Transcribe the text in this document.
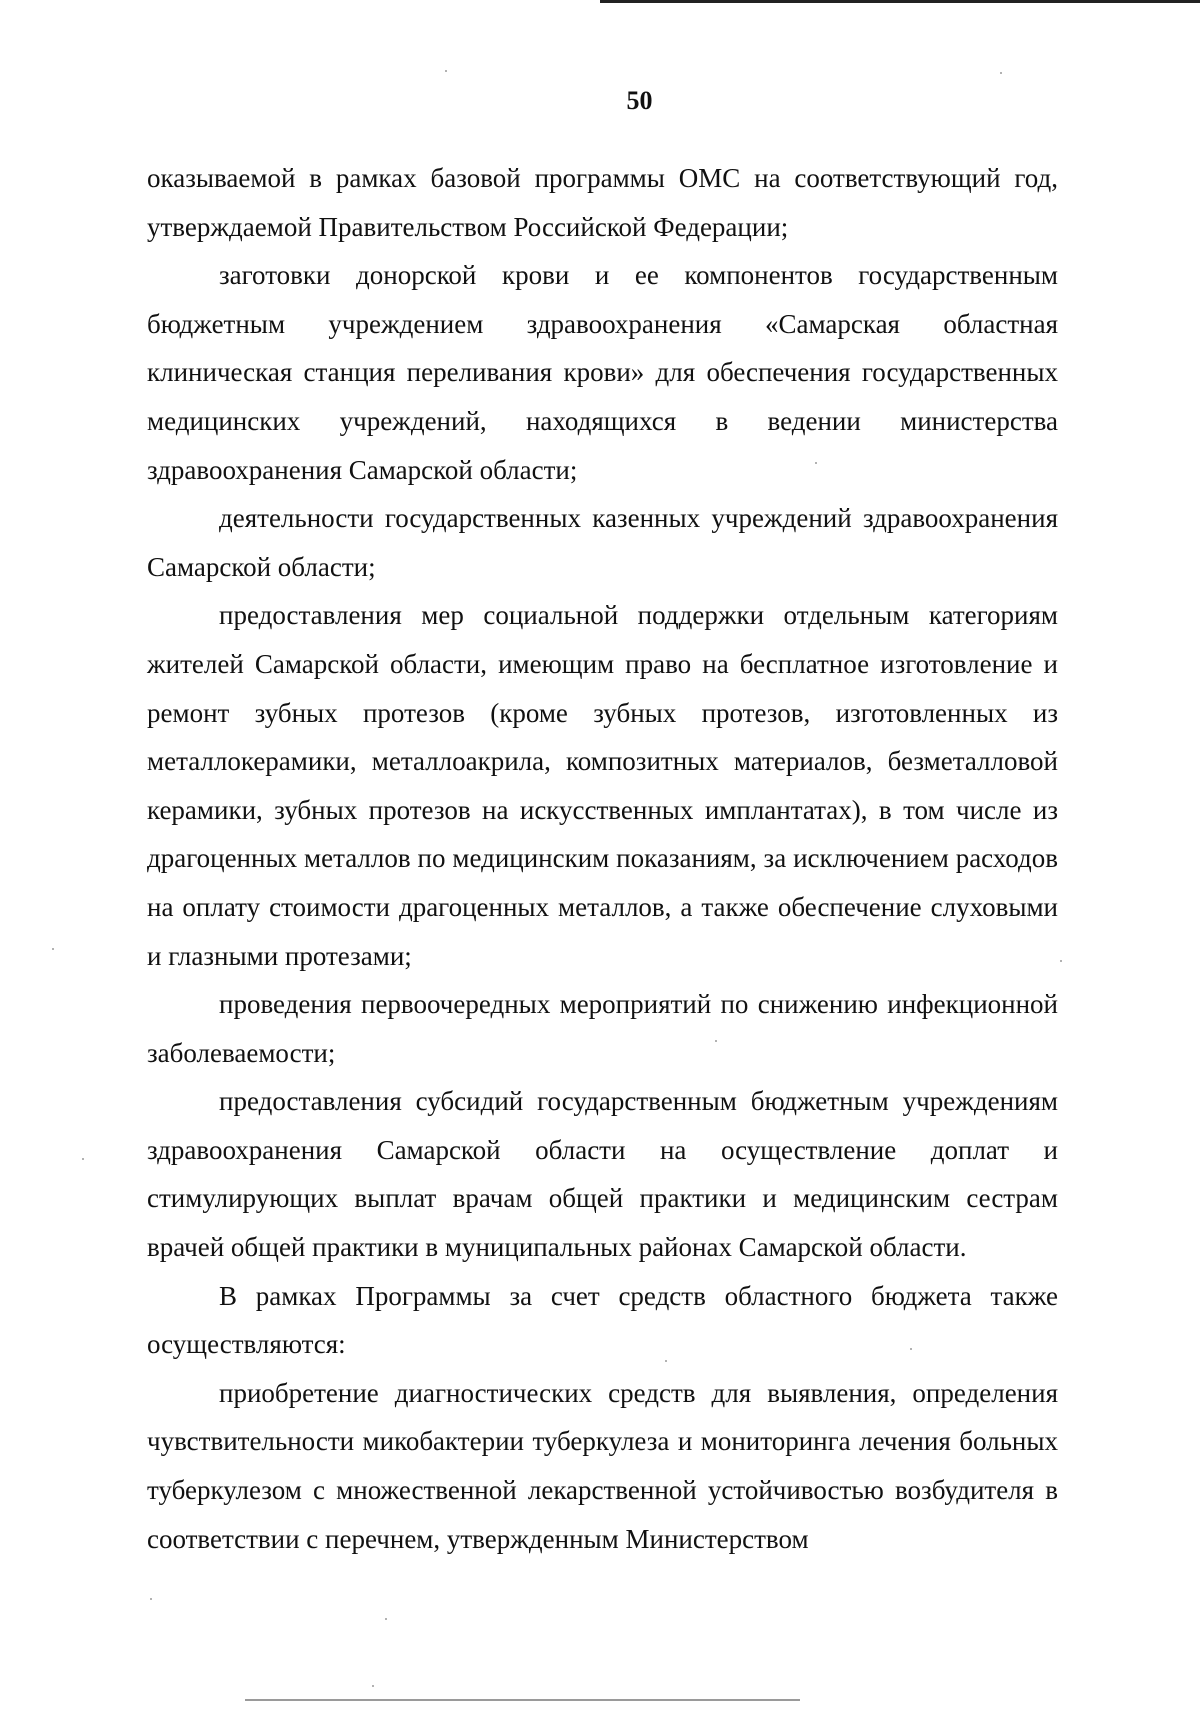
50

оказываемой в рамках базовой программы ОМС на соответствующий год, утверждаемой Правительством Российской Федерации;

заготовки донорской крови и ее компонентов государственным бюджетным учреждением здравоохранения «Самарская областная клиническая станция переливания крови» для обеспечения государственных медицинских учреждений, находящихся в ведении министерства здравоохранения Самарской области;

деятельности государственных казенных учреждений здравоохранения Самарской области;

предоставления мер социальной поддержки отдельным категориям жителей Самарской области, имеющим право на бесплатное изготовление и ремонт зубных протезов (кроме зубных протезов, изготовленных из металлокерамики, металлоакрила, композитных материалов, безметалловой керамики, зубных протезов на искусственных имплантатах), в том числе из драгоценных металлов по медицинским показаниям, за исключением расходов на оплату стоимости драгоценных металлов, а также обеспечение слуховыми и глазными протезами;

проведения первоочередных мероприятий по снижению инфекционной заболеваемости;

предоставления субсидий государственным бюджетным учреждениям здравоохранения Самарской области на осуществление доплат и стимулирующих выплат врачам общей практики и медицинским сестрам врачей общей практики в муниципальных районах Самарской области.

В рамках Программы за счет средств областного бюджета также осуществляются:

приобретение диагностических средств для выявления, определения чувствительности микобактерии туберкулеза и мониторинга лечения больных туберкулезом с множественной лекарственной устойчивостью возбудителя в соответствии с перечнем, утвержденным Министерством
